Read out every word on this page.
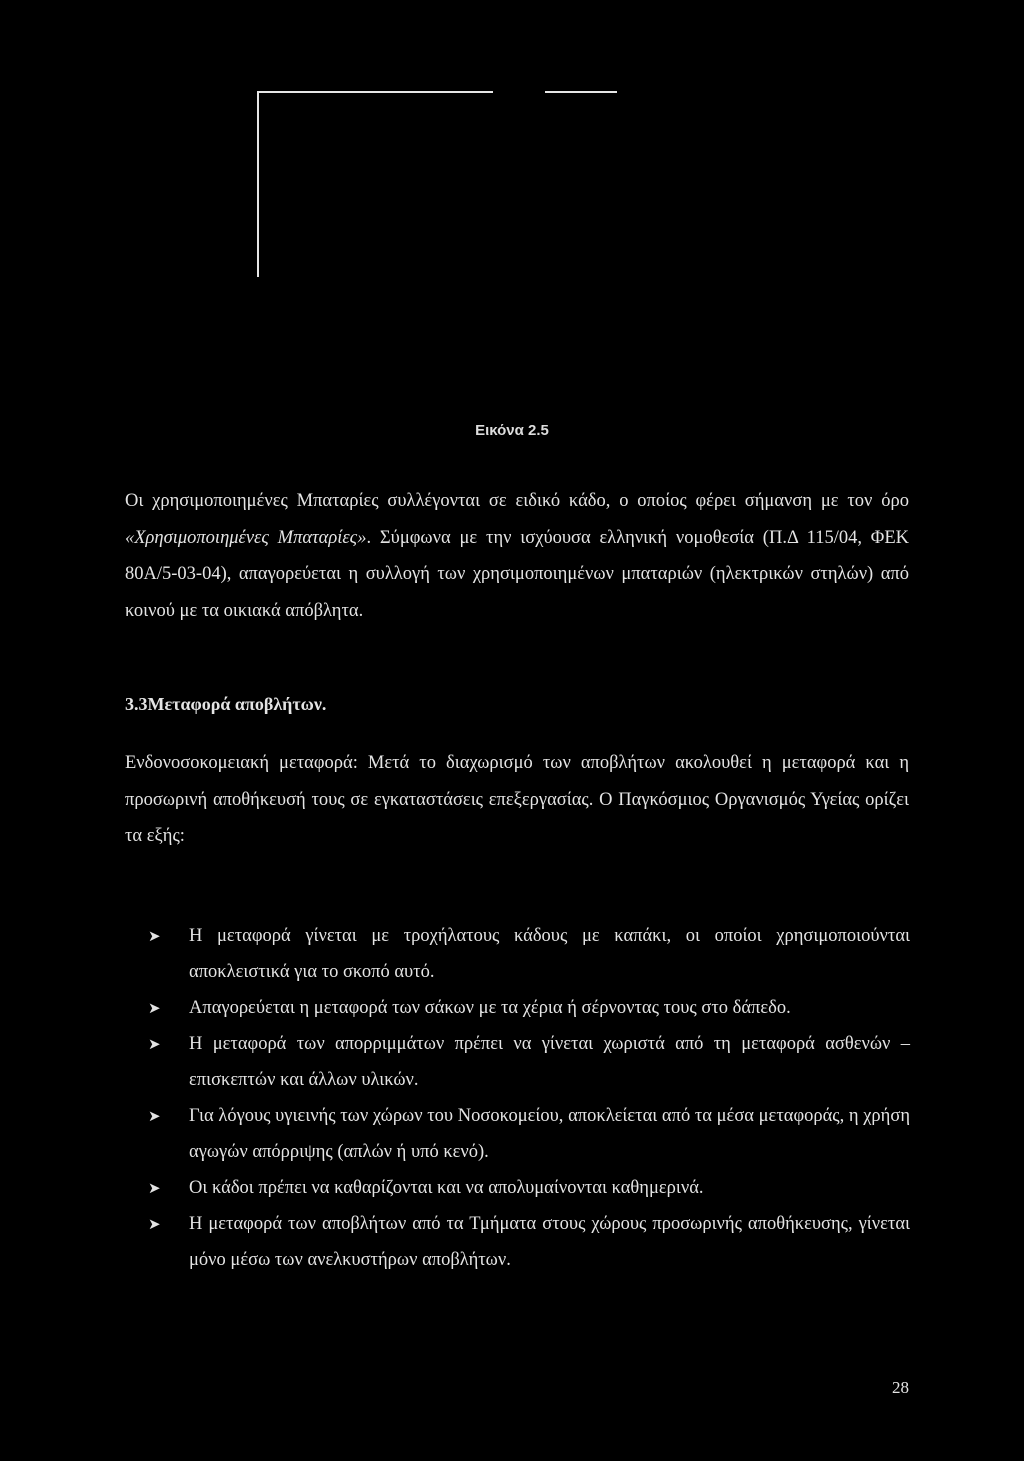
Εικόνα 2.5

Οι χρησιμοποιημένες Μπαταρίες συλλέγονται σε ειδικό κάδο, ο οποίος φέρει σήμανση με τον όρο «Χρησιμοποιημένες Μπαταρίες». Σύμφωνα με την ισχύουσα ελληνική νομοθεσία (Π.Δ 115/04, ΦΕΚ 80Α/5-03-04), απαγορεύεται η συλλογή των χρησιμοποιημένων μπαταριών (ηλεκτρικών στηλών) από κοινού με τα οικιακά απόβλητα.

3.3Μεταφορά αποβλήτων.

Ενδονοσοκομειακή μεταφορά: Μετά το διαχωρισμό των αποβλήτων ακολουθεί η μεταφορά και η προσωρινή αποθήκευσή τους σε εγκαταστάσεις επεξεργασίας. Ο Παγκόσμιος Οργανισμός Υγείας ορίζει τα εξής:

➤ Η μεταφορά γίνεται με τροχήλατους κάδους με καπάκι, οι οποίοι χρησιμοποιούνται αποκλειστικά για το σκοπό αυτό.
➤ Απαγορεύεται η μεταφορά των σάκων με τα χέρια ή σέρνοντας τους στο δάπεδο.
➤ Η μεταφορά των απορριμμάτων πρέπει να γίνεται χωριστά από τη μεταφορά ασθενών – επισκεπτών και άλλων υλικών.
➤ Για λόγους υγιεινής των χώρων του Νοσοκομείου, αποκλείεται από τα μέσα μεταφοράς, η χρήση αγωγών απόρριψης (απλών ή υπό κενό).
➤ Οι κάδοι πρέπει να καθαρίζονται και να απολυμαίνονται καθημερινά.
➤ Η μεταφορά των αποβλήτων από τα Τμήματα στους χώρους προσωρινής αποθήκευσης, γίνεται μόνο μέσω των ανελκυστήρων αποβλήτων.
28
